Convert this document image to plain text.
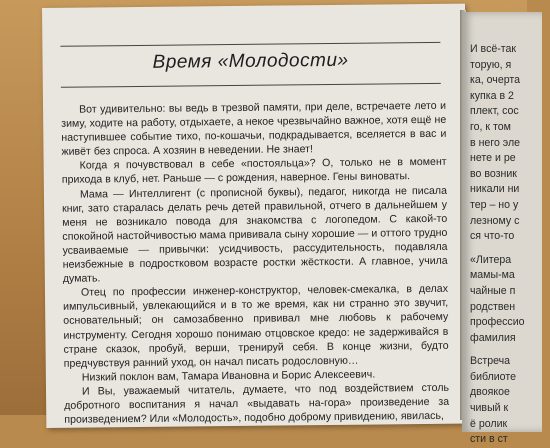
Время «Молодости»

Вот удивительно: вы ведь в трезвой памяти, при деле, встречаете лето и зиму, ходите на работу, отдыхаете, а некое чрезвычайно важное, хотя ещё не наступившее событие тихо, по-кошачьи, подкрадывается, вселяется в вас и живёт без спроса. А хозяин в неведении. Не знает!

Когда я почувствовал в себе «постояльца»? О, только не в момент прихода в клуб, нет. Раньше — с рождения, наверное. Гены виноваты.

Мама — Интеллигент (с прописной буквы), педагог, никогда не писала книг, зато старалась делать речь детей правильной, отчего в дальнейшем у меня не возникало повода для знакомства с логопедом. С какой-то спокойной настойчивостью мама прививала сыну хорошие — и оттого трудно усваиваемые — привычки: усидчивость, рассудительность, подавляла неизбежные в подростковом возрасте ростки жёсткости. А главное, учила думать.

Отец по профессии инженер-конструктор, человек-смекалка, в делах импульсивный, увлекающийся и в то же время, как ни странно это звучит, основательный; он самозабвенно прививал мне любовь к рабочему инструменту. Сегодня хорошо понимаю отцовское кредо: не задерживайся в стране сказок, пробуй, верши, тренируй себя. В конце жизни, будто предчувствуя ранний уход, он начал писать родословную…

Низкий поклон вам, Тамара Ивановна и Борис Алексеевич.

И Вы, уважаемый читатель, думаете, что под воздействием столь добротного воспитания я начал «выдавать на-гора» произведение за произведением? Или «Молодость», подобно доброму привидению, явилась,

И всё-так
торую, я
ка, очерта
купка в 2
плект, сос
го, к том
в него эле
нете и ре
во возник
никали ни
тер – но у
лезному с
ся что-то
«Литера
мамы-ма
чайные п
родствен
профессио
фамилия
Встреча
библиоте
двоякое
чивый к
ё ролик
сти в ст
